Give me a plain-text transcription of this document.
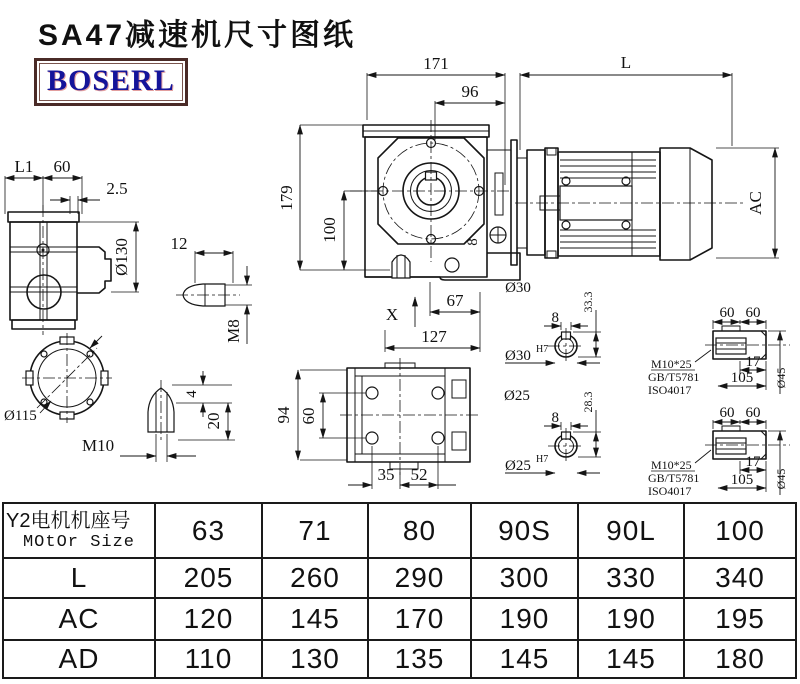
SA47减速机尺寸图纸
BOSERL
8
171
96
L
179
100
67
127
X
Ø30
AC
L1 60
2.5
Ø130 12
M8
Ø115
M10
4
20	94 60
35 52
8
33.3
Ø30 H7
Ø25
8
28.3
Ø25 H7
60 60
17
105 Ø45
M10*25
GB/T5781
ISO4017
60 60
17
105 Ø45
M10*25
GB/T5781
ISO4017
Y2电机机座号
MOtOr Size	63	71	80	90S	90L	100
L	205	260	290	300	330	340
AC	120	145	170	190	190	195
AD	110	130	135	145	145	180
